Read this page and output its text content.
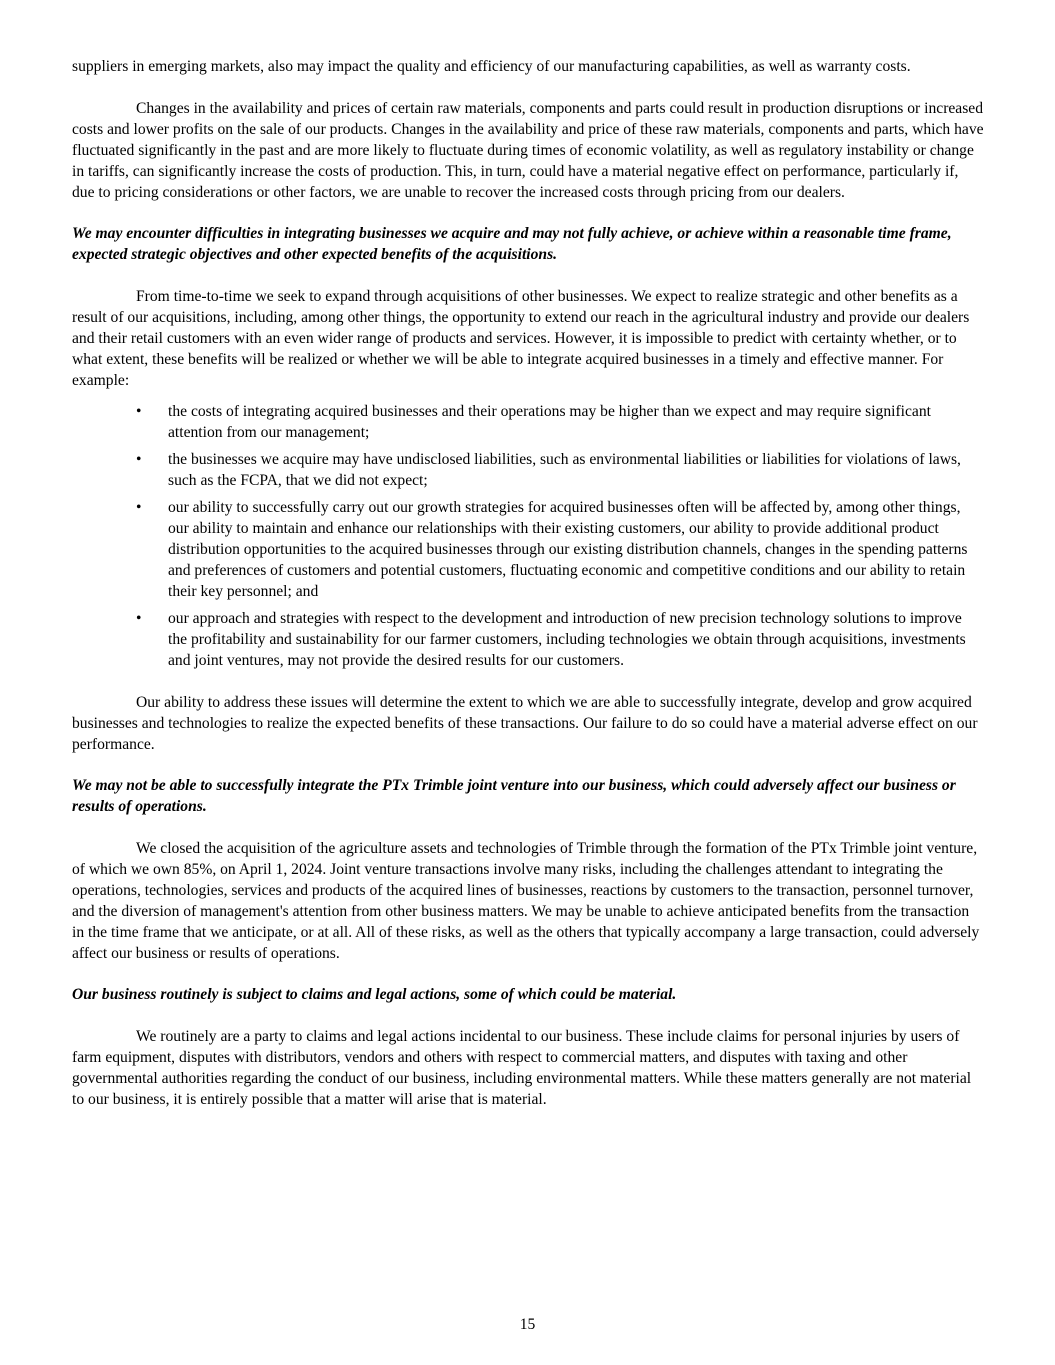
suppliers in emerging markets, also may impact the quality and efficiency of our manufacturing capabilities, as well as warranty costs.

Changes in the availability and prices of certain raw materials, components and parts could result in production disruptions or increased costs and lower profits on the sale of our products. Changes in the availability and price of these raw materials, components and parts, which have fluctuated significantly in the past and are more likely to fluctuate during times of economic volatility, as well as regulatory instability or change in tariffs, can significantly increase the costs of production. This, in turn, could have a material negative effect on performance, particularly if, due to pricing considerations or other factors, we are unable to recover the increased costs through pricing from our dealers.

We may encounter difficulties in integrating businesses we acquire and may not fully achieve, or achieve within a reasonable time frame, expected strategic objectives and other expected benefits of the acquisitions.

From time-to-time we seek to expand through acquisitions of other businesses. We expect to realize strategic and other benefits as a result of our acquisitions, including, among other things, the opportunity to extend our reach in the agricultural industry and provide our dealers and their retail customers with an even wider range of products and services. However, it is impossible to predict with certainty whether, or to what extent, these benefits will be realized or whether we will be able to integrate acquired businesses in a timely and effective manner. For example:

• the costs of integrating acquired businesses and their operations may be higher than we expect and may require significant attention from our management;
• the businesses we acquire may have undisclosed liabilities, such as environmental liabilities or liabilities for violations of laws, such as the FCPA, that we did not expect;
• our ability to successfully carry out our growth strategies for acquired businesses often will be affected by, among other things, our ability to maintain and enhance our relationships with their existing customers, our ability to provide additional product distribution opportunities to the acquired businesses through our existing distribution channels, changes in the spending patterns and preferences of customers and potential customers, fluctuating economic and competitive conditions and our ability to retain their key personnel; and
• our approach and strategies with respect to the development and introduction of new precision technology solutions to improve the profitability and sustainability for our farmer customers, including technologies we obtain through acquisitions, investments and joint ventures, may not provide the desired results for our customers.

Our ability to address these issues will determine the extent to which we are able to successfully integrate, develop and grow acquired businesses and technologies to realize the expected benefits of these transactions. Our failure to do so could have a material adverse effect on our performance.

We may not be able to successfully integrate the PTx Trimble joint venture into our business, which could adversely affect our business or results of operations.

We closed the acquisition of the agriculture assets and technologies of Trimble through the formation of the PTx Trimble joint venture, of which we own 85%, on April 1, 2024. Joint venture transactions involve many risks, including the challenges attendant to integrating the operations, technologies, services and products of the acquired lines of businesses, reactions by customers to the transaction, personnel turnover, and the diversion of management's attention from other business matters. We may be unable to achieve anticipated benefits from the transaction in the time frame that we anticipate, or at all. All of these risks, as well as the others that typically accompany a large transaction, could adversely affect our business or results of operations.

Our business routinely is subject to claims and legal actions, some of which could be material.

We routinely are a party to claims and legal actions incidental to our business. These include claims for personal injuries by users of farm equipment, disputes with distributors, vendors and others with respect to commercial matters, and disputes with taxing and other governmental authorities regarding the conduct of our business, including environmental matters. While these matters generally are not material to our business, it is entirely possible that a matter will arise that is material.

15
